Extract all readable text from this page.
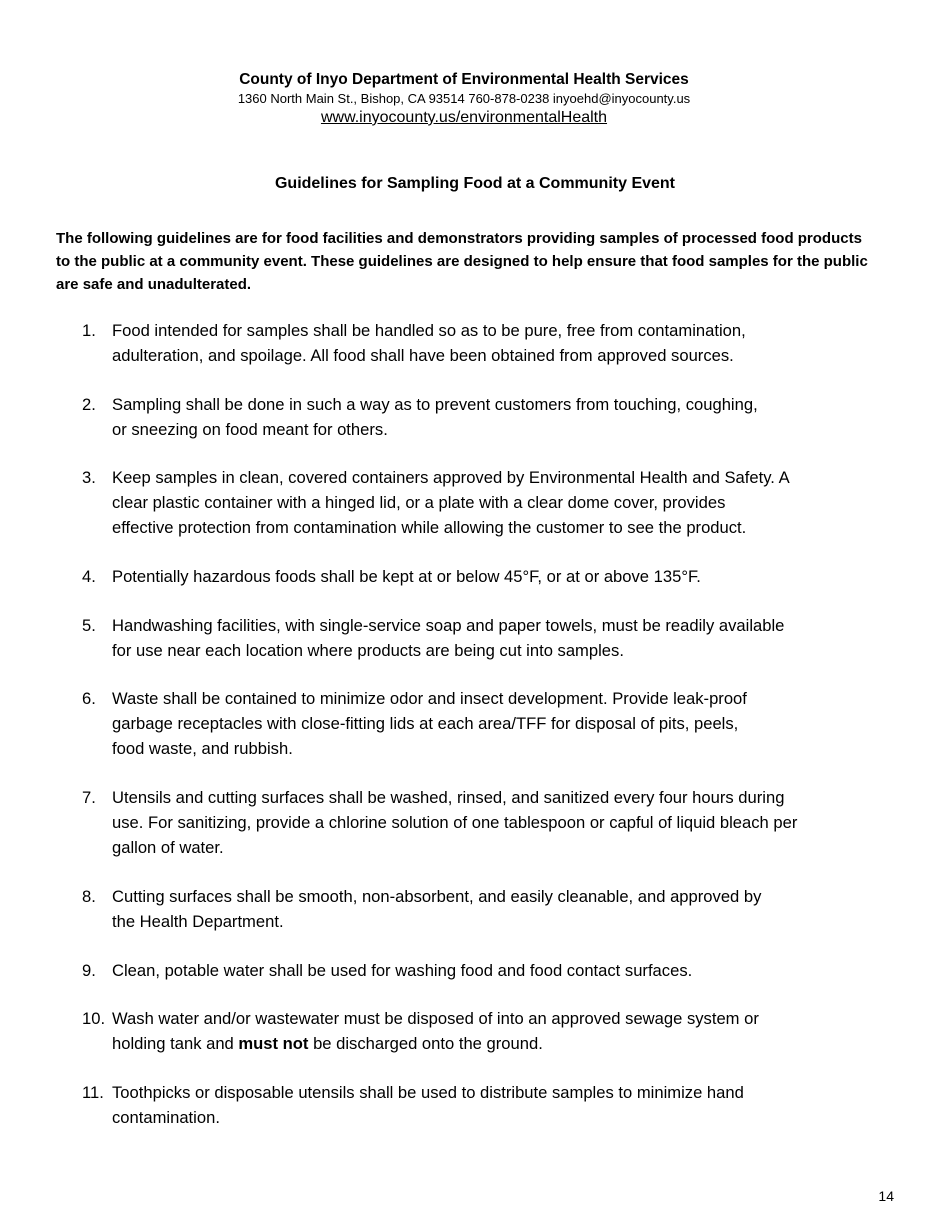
County of Inyo Department of Environmental Health Services
1360 North Main St., Bishop, CA 93514 760-878-0238 inyoehd@inyocounty.us
www.inyocounty.us/environmentalHealth
Guidelines for Sampling Food at a Community Event
The following guidelines are for food facilities and demonstrators providing samples of processed food products to the public at a community event. These guidelines are designed to help ensure that food samples for the public are safe and unadulterated.
1. Food intended for samples shall be handled so as to be pure, free from contamination,
adulteration, and spoilage. All food shall have been obtained from approved sources.
2. Sampling shall be done in such a way as to prevent customers from touching, coughing,
or sneezing on food meant for others.
3. Keep samples in clean, covered containers approved by Environmental Health and Safety. A
clear plastic container with a hinged lid, or a plate with a clear dome cover, provides
effective protection from contamination while allowing the customer to see the product.
4. Potentially hazardous foods shall be kept at or below 45°F, or at or above 135°F.
5. Handwashing facilities, with single-service soap and paper towels, must be readily available
for use near each location where products are being cut into samples.
6. Waste shall be contained to minimize odor and insect development. Provide leak-proof
garbage receptacles with close-fitting lids at each area/TFF for disposal of pits, peels,
food waste, and rubbish.
7. Utensils and cutting surfaces shall be washed, rinsed, and sanitized every four hours during
use. For sanitizing, provide a chlorine solution of one tablespoon or capful of liquid bleach per
gallon of water.
8. Cutting surfaces shall be smooth, non-absorbent, and easily cleanable, and approved by
the Health Department.
9. Clean, potable water shall be used for washing food and food contact surfaces.
10. Wash water and/or wastewater must be disposed of into an approved sewage system or
holding tank and must not be discharged onto the ground.
11. Toothpicks or disposable utensils shall be used to distribute samples to minimize hand
contamination.
14
